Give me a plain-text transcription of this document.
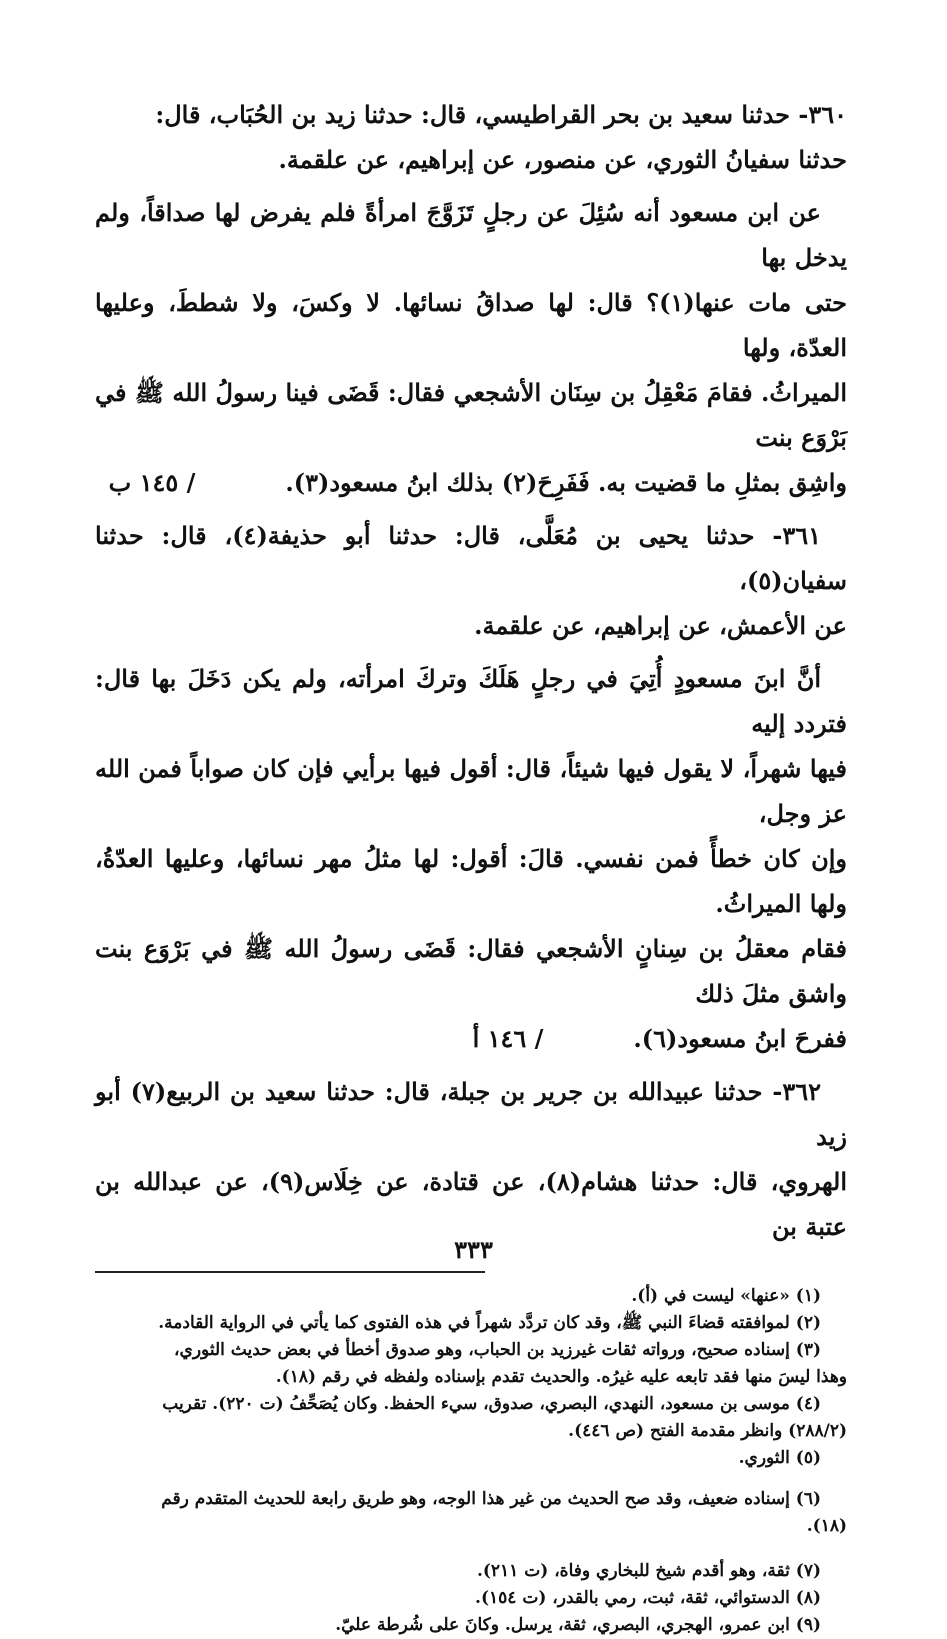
٣٦٠- حدثنا سعيد بن بحر القراطيسي، قال: حدثنا زيد بن الحُبَاب، قال:

حدثنا سفيانُ الثوري، عن منصور، عن إبراهيم، عن علقمة.

عن ابن مسعود أنه سُئِلَ عن رجلٍ تَزَوَّجَ امرأةً فلم يفرض لها صداقاً، ولم يدخل بها

حتى مات عنها(١)؟ قال: لها صداقُ نسائها. لا وكسَ، ولا شططَ، وعليها العدّة، ولها

الميراثُ. فقامَ مَعْقِلُ بن سِنَان الأشجعي فقال: قَضَى فينا رسولُ الله ﷺ في بَرْوَع بنت

واشِق بمثلِ ما قضيت به. فَفَرِحَ(٢) بذلك ابنُ مسعود(٣)./ ١٤٥ ب

٣٦١- حدثنا يحيى بن مُعَلَّى، قال: حدثنا أبو حذيفة(٤)، قال: حدثنا سفيان(٥)،

عن الأعمش، عن إبراهيم، عن علقمة.

أنَّ ابنَ مسعودٍ أُتِيَ في رجلٍ هَلَكَ وتركَ امرأته، ولم يكن دَخَلَ بها قال: فتردد إليه

فيها شهراً، لا يقول فيها شيئاً، قال: أقول فيها برأيي فإن كان صواباً فمن الله عز وجل،

وإن كان خطأً فمن نفسي. قالَ: أقول: لها مثلُ مهر نسائها، وعليها العدّةُ، ولها الميراثُ.

فقام معقلُ بن سِنانٍ الأشجعي فقال: قَضَى رسولُ الله ﷺ في بَرْوَع بنت واشق مثلَ ذلك

ففرحَ ابنُ مسعود(٦)./ ١٤٦ أ

٣٦٢- حدثنا عبيدالله بن جرير بن جبلة، قال: حدثنا سعيد بن الربيع(٧) أبو زيد

الهروي، قال: حدثنا هشام(٨)، عن قتادة، عن خِلَاس(٩)، عن عبدالله بن عتبة بن

(١) «عنها» ليست في (أ).

(٢) لموافقته قضاءَ النبي ﷺ، وقد كان تردَّد شهراً في هذه الفتوى كما يأتي في الرواية القادمة.

(٣) إسناده صحيح، ورواته ثقات غيرزيد بن الحباب، وهو صدوق أخطأ في بعض حديث الثوري،

وهذا ليسَ منها فقد تابعه عليه غيرُه. والحديث تقدم بإسناده ولفظه في رقم (١٨).

(٤) موسى بن مسعود، النهدي، البصري، صدوق، سيء الحفظ. وكان يُصَحِّفُ (ت ٢٢٠). تقريب

(٢٨٨/٢) وانظر مقدمة الفتح (ص ٤٤٦).

(٥) الثوري.

(٦) إسناده ضعيف، وقد صح الحديث من غير هذا الوجه، وهو طريق رابعة للحديث المتقدم رقم

(١٨).

(٧) ثقة، وهو أقدم شيخ للبخاري وفاة، (ت ٢١١).

(٨) الدستوائي، ثقة، ثبت، رمي بالقدر، (ت ١٥٤).

(٩) ابن عمرو، الهجري، البصري، ثقة، يرسل. وكانَ على شُرطة عليّ.

٣٣٣
